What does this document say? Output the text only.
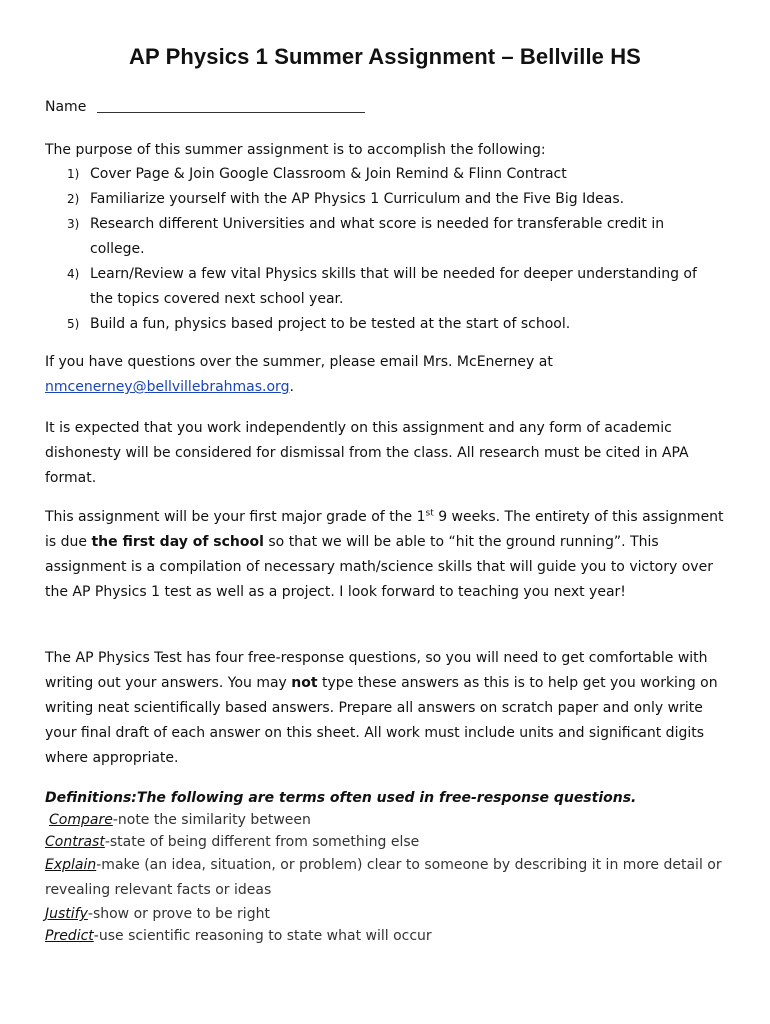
AP Physics 1 Summer Assignment – Bellville HS
Name

The purpose of this summer assignment is to accomplish the following:

1) Cover Page & Join Google Classroom & Join Remind & Flinn Contract
2) Familiarize yourself with the AP Physics 1 Curriculum and the Five Big Ideas.
3) Research different Universities and what score is needed for transferable credit in college.
4) Learn/Review a few vital Physics skills that will be needed for deeper understanding of the topics covered next school year.
5) Build a fun, physics based project to be tested at the start of school.

If you have questions over the summer, please email Mrs. McEnerney at nmcenerney@bellvillebrahmas.org.

It is expected that you work independently on this assignment and any form of academic dishonesty will be considered for dismissal from the class. All research must be cited in APA format.

This assignment will be your first major grade of the 1st 9 weeks. The entirety of this assignment is due the first day of school so that we will be able to “hit the ground running”. This assignment is a compilation of necessary math/science skills that will guide you to victory over the AP Physics 1 test as well as a project. I look forward to teaching you next year!

The AP Physics Test has four free-response questions, so you will need to get comfortable with writing out your answers. You may not type these answers as this is to help get you working on writing neat scientifically based answers. Prepare all answers on scratch paper and only write your final draft of each answer on this sheet. All work must include units and significant digits where appropriate.

Definitions:The following are terms often used in free-response questions.
Compare-note the similarity between
Contrast-state of being different from something else
Explain-make (an idea, situation, or problem) clear to someone by describing it in more detail or revealing relevant facts or ideas
Justify-show or prove to be right
Predict-use scientific reasoning to state what will occur
